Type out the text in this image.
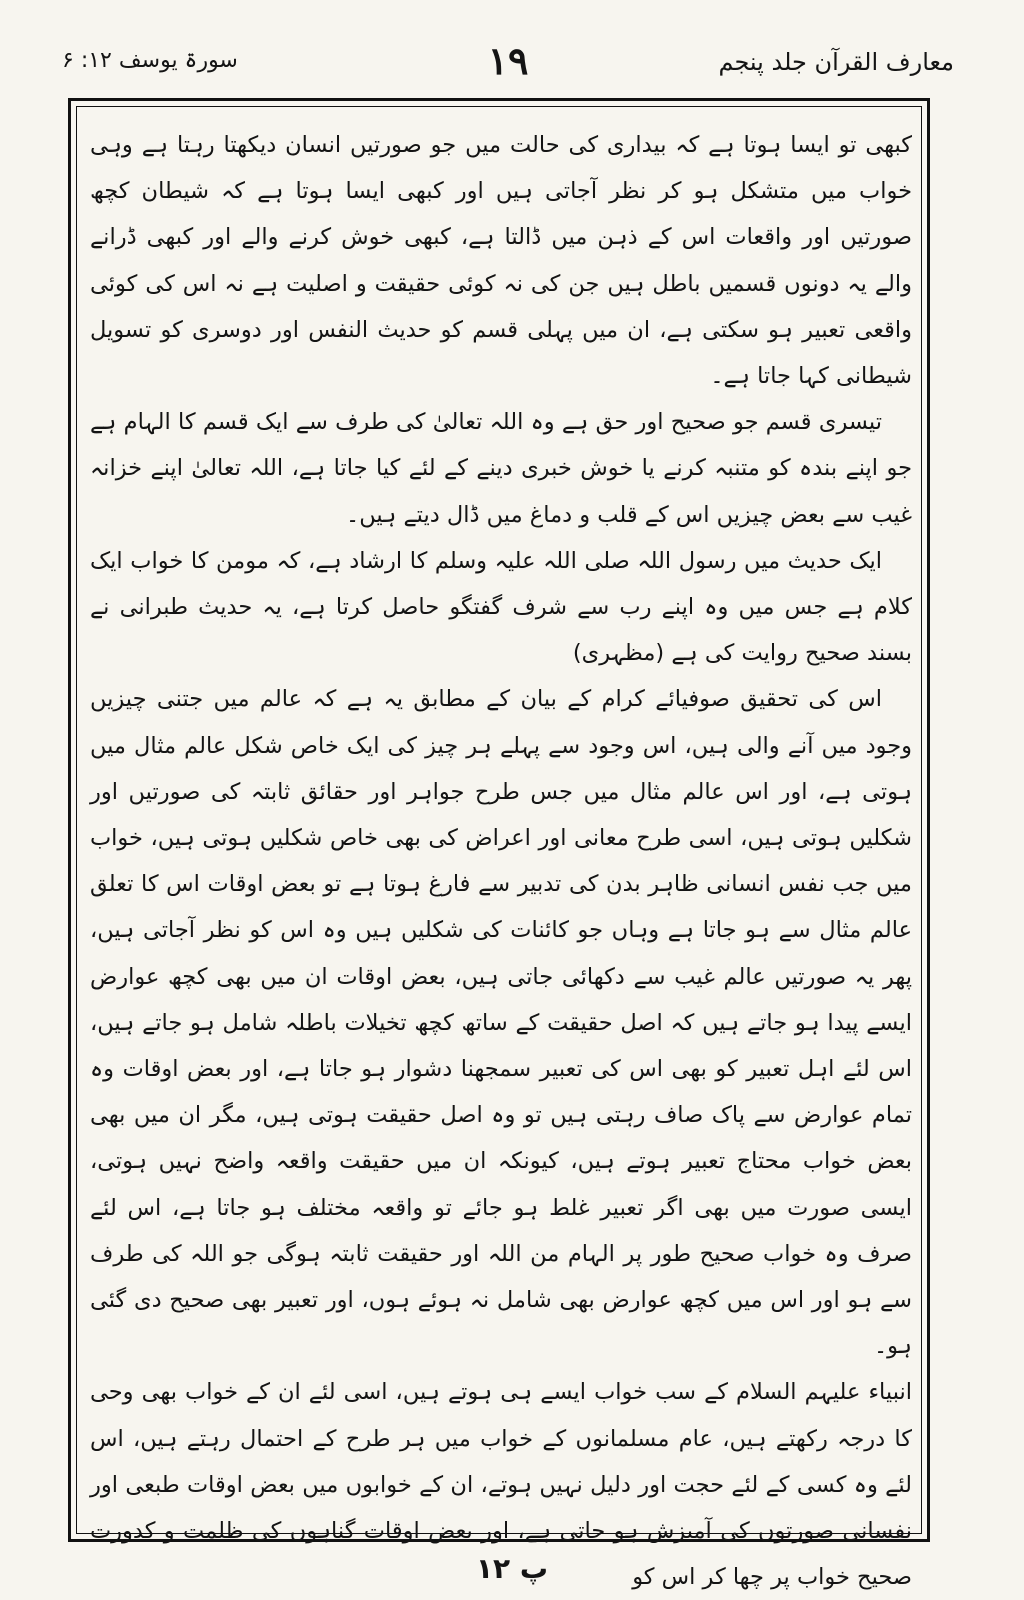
سورۃ یوسف ۱۲: ۶	۱۹	معارف القرآن جلد پنجم

کبھی تو ایسا ہوتا ہے کہ بیداری کی حالت میں جو صورتیں انسان دیکھتا رہتا ہے وہی خواب میں متشکل ہو کر نظر آجاتی ہیں اور کبھی ایسا ہوتا ہے کہ شیطان کچھ صورتیں اور واقعات اس کے ذہن میں ڈالتا ہے، کبھی خوش کرنے والے اور کبھی ڈرانے والے یہ دونوں قسمیں باطل ہیں جن کی نہ کوئی حقیقت و اصلیت ہے نہ اس کی کوئی واقعی تعبیر ہو سکتی ہے، ان میں پہلی قسم کو حدیث النفس اور دوسری کو تسویل شیطانی کہا جاتا ہے۔

تیسری قسم جو صحیح اور حق ہے وہ اللہ تعالیٰ کی طرف سے ایک قسم کا الہام ہے جو اپنے بندہ کو متنبہ کرنے یا خوش خبری دینے کے لئے کیا جاتا ہے، اللہ تعالیٰ اپنے خزانہ غیب سے بعض چیزیں اس کے قلب و دماغ میں ڈال دیتے ہیں۔

ایک حدیث میں رسول اللہ صلی اللہ علیہ وسلم کا ارشاد ہے، کہ مومن کا خواب ایک کلام ہے جس میں وہ اپنے رب سے شرف گفتگو حاصل کرتا ہے، یہ حدیث طبرانی نے بسند صحیح روایت کی ہے (مظہری)

اس کی تحقیق صوفیائے کرام کے بیان کے مطابق یہ ہے کہ عالم میں جتنی چیزیں وجود میں آنے والی ہیں، اس وجود سے پہلے ہر چیز کی ایک خاص شکل عالم مثال میں ہوتی ہے، اور اس عالم مثال میں جس طرح جواہر اور حقائق ثابتہ کی صورتیں اور شکلیں ہوتی ہیں، اسی طرح معانی اور اعراض کی بھی خاص شکلیں ہوتی ہیں، خواب میں جب نفس انسانی ظاہر بدن کی تدبیر سے فارغ ہوتا ہے تو بعض اوقات اس کا تعلق عالم مثال سے ہو جاتا ہے وہاں جو کائنات کی شکلیں ہیں وہ اس کو نظر آجاتی ہیں، پھر یہ صورتیں عالم غیب سے دکھائی جاتی ہیں، بعض اوقات ان میں بھی کچھ عوارض ایسے پیدا ہو جاتے ہیں کہ اصل حقیقت کے ساتھ کچھ تخیلات باطلہ شامل ہو جاتے ہیں، اس لئے اہل تعبیر کو بھی اس کی تعبیر سمجھنا دشوار ہو جاتا ہے، اور بعض اوقات وہ تمام عوارض سے پاک صاف رہتی ہیں تو وہ اصل حقیقت ہوتی ہیں، مگر ان میں بھی بعض خواب محتاج تعبیر ہوتے ہیں، کیونکہ ان میں حقیقت واقعہ واضح نہیں ہوتی، ایسی صورت میں بھی اگر تعبیر غلط ہو جائے تو واقعہ مختلف ہو جاتا ہے، اس لئے صرف وہ خواب صحیح طور پر الہام من اللہ اور حقیقت ثابتہ ہوگی جو اللہ کی طرف سے ہو اور اس میں کچھ عوارض بھی شامل نہ ہوئے ہوں، اور تعبیر بھی صحیح دی گئی ہو۔

انبیاء علیہم السلام کے سب خواب ایسے ہی ہوتے ہیں، اسی لئے ان کے خواب بھی وحی کا درجہ رکھتے ہیں، عام مسلمانوں کے خواب میں ہر طرح کے احتمال رہتے ہیں، اس لئے وہ کسی کے لئے حجت اور دلیل نہیں ہوتے، ان کے خوابوں میں بعض اوقات طبعی اور نفسانی صورتوں کی آمیزش ہو جاتی ہے، اور بعض اوقات گناہوں کی ظلمت و کدورت صحیح خواب پر چھا کر اس کو

پ ۱۲
